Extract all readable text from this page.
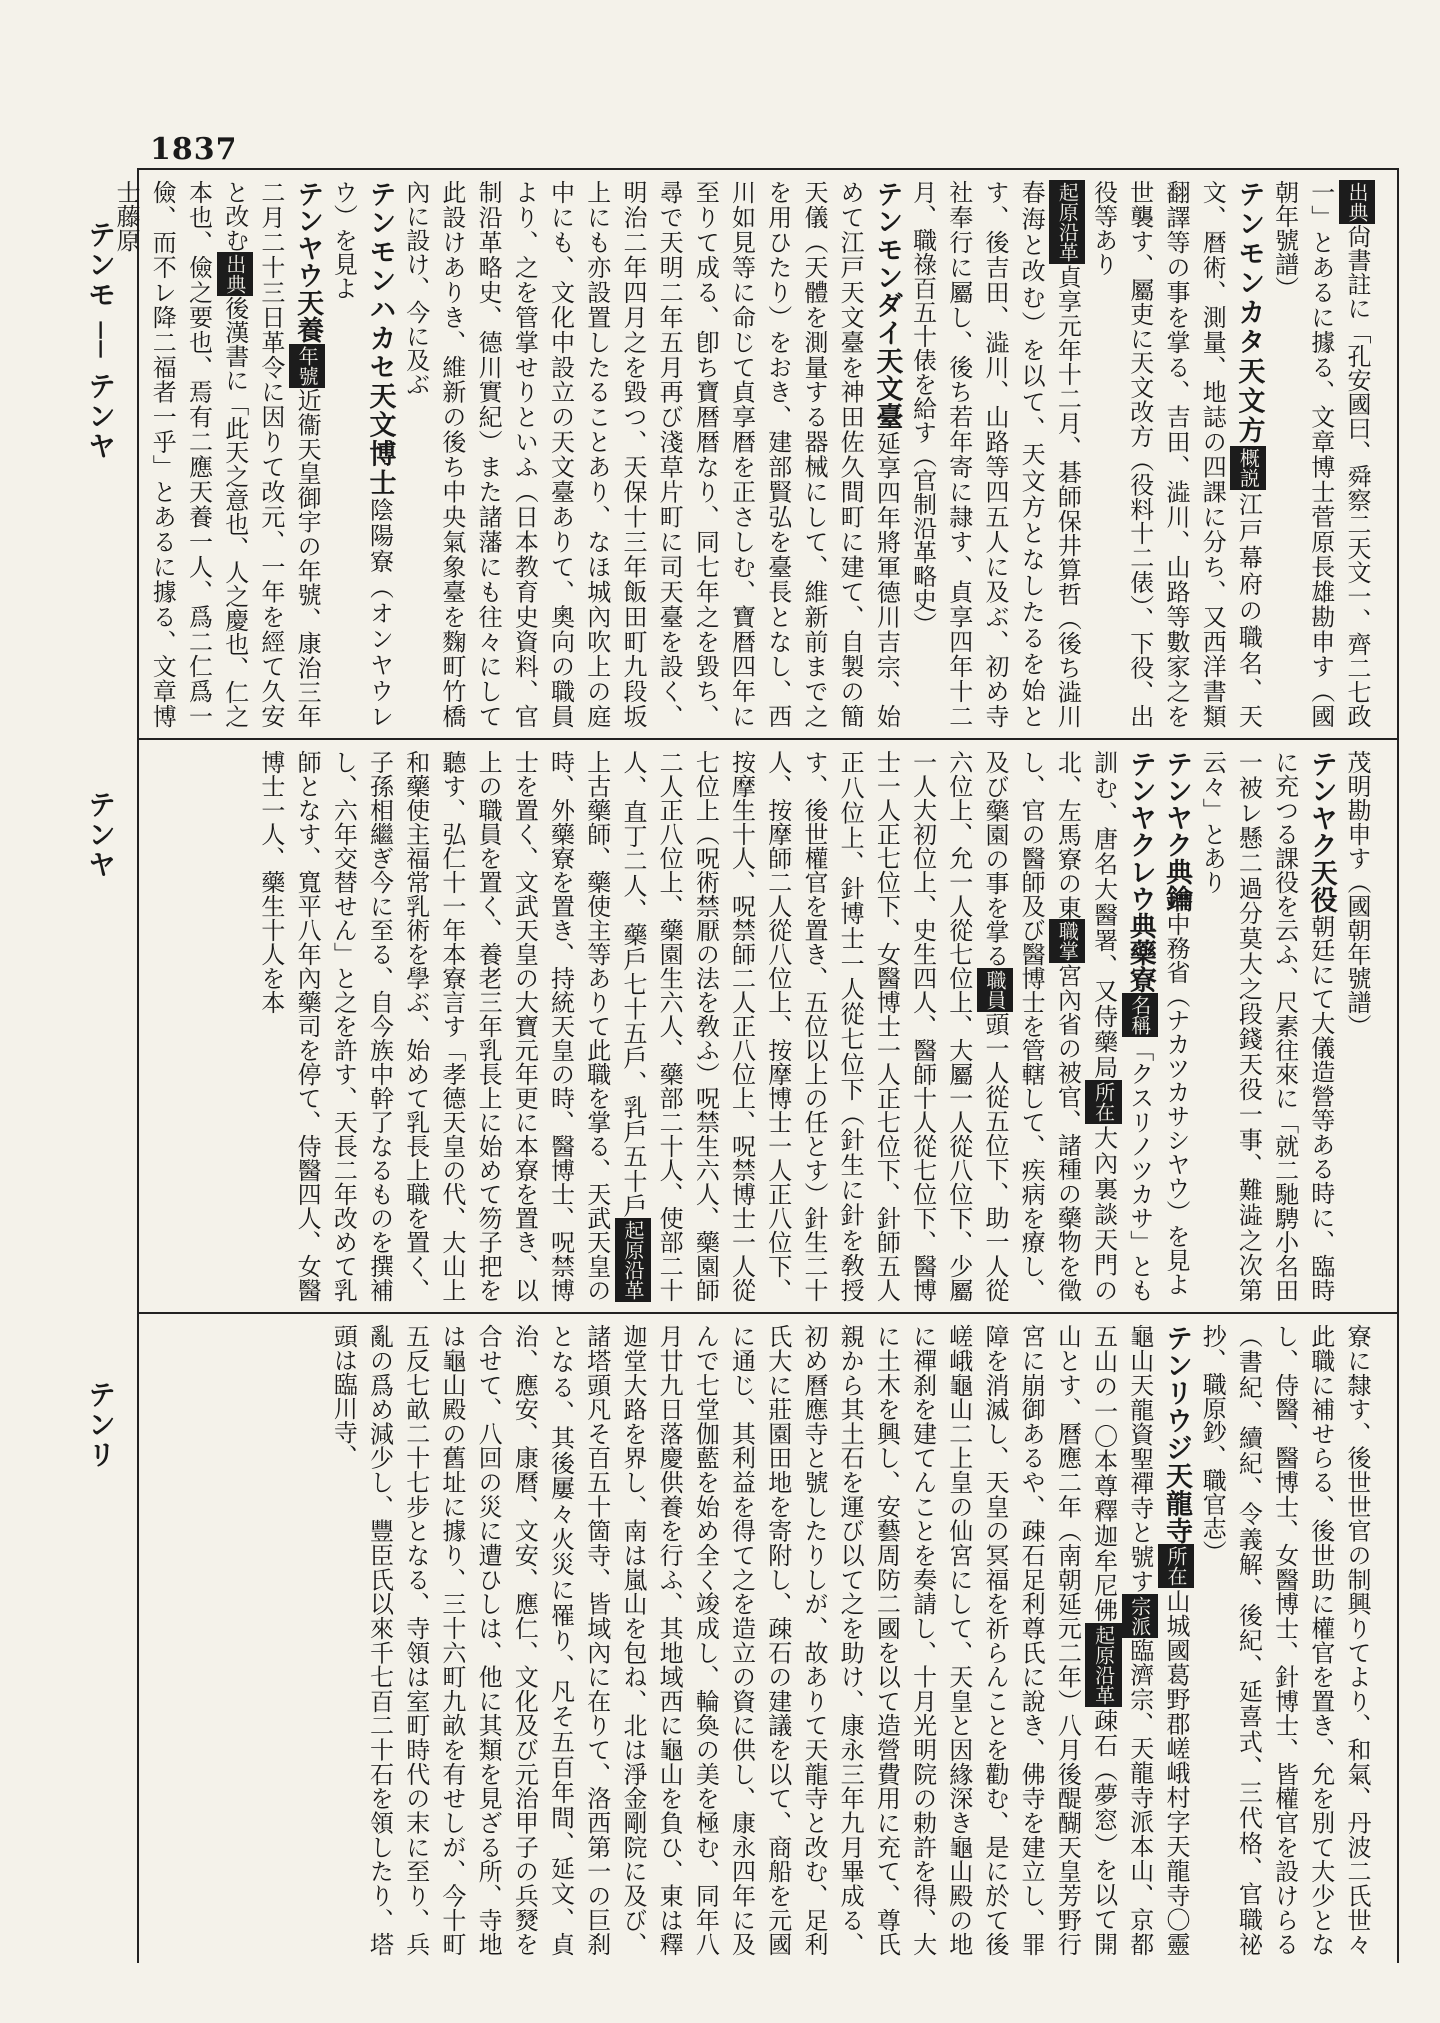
1837
テンモ ── テンヤ
テンヤ
テンリ

出典尙書註に「孔安國曰、舜察二天文一、齊二七政一」とあるに據る、文章博士菅原長雄勘申す（國朝年號譜）

テンモンカタ天文方概説江戸幕府の職名、天文、暦術、測量、地誌の四課に分ち、又西洋書類翻譯等の事を掌る、吉田、澁川、山路等數家之を世襲す、屬吏に天文改方（役料十二俵）、下役、出役等あり

起原沿革貞享元年十二月、碁師保井算哲（後ち澁川春海と改む）を以て、天文方となしたるを始とす、後吉田、澁川、山路等四五人に及ぶ、初め寺社奉行に屬し、後ち若年寄に隷す、貞享四年十二月、職祿百五十俵を給す（官制沿革略史）

テンモンダイ天文臺延享四年將軍德川吉宗、始めて江戸天文臺を神田佐久間町に建て、自製の簡天儀（天體を測量する器械にして、維新前まで之を用ひたり）をおき、建部賢弘を臺長となし、西川如見等に命じて貞享暦を正さしむ、寶暦四年に至りて成る、卽ち寶暦暦なり、同七年之を毀ち、尋で天明二年五月再び淺草片町に司天臺を設く、明治二年四月之を毀つ、天保十三年飯田町九段坂上にも亦設置したることあり、なほ城內吹上の庭中にも、文化中設立の天文臺ありて、奧向の職員より、之を管掌せりといふ（日本教育史資料、官制沿革略史、德川實紀）また諸藩にも往々にして此設けありき、維新の後ち中央氣象臺を麴町竹橋內に設け、今に及ぶ

テンモンハカセ天文博士陰陽寮（オンヤウレウ）を見よ

テンヤウ天養年號近衞天皇御宇の年號、康治三年二月二十三日革令に因りて改元、一年を經て久安と改む出典後漢書に「此天之意也、人之慶也、仁之本也、儉之要也、焉有二應天養一人、爲二仁爲一儉、而不レ降二福者一乎」とあるに據る、文章博士藤原

茂明勘申す（國朝年號譜）

テンヤク天役朝廷にて大儀造營等ある時に、臨時に充つる課役を云ふ、尺素往來に「就二馳騁小名田一被レ懸二過分莫大之段錢天役一事、難澁之次第云々」とあり

テンヤク典鑰中務省（ナカツカサシヤウ）を見よ

テンヤクレウ典藥寮名稱「クスリノツカサ」とも訓む、唐名大醫署、又侍藥局所在大內裏談天門の北、左馬寮の東職掌宮內省の被官、諸種の藥物を徵し、官の醫師及び醫博士を管轄して、疾病を療し、及び藥園の事を掌る職員頭一人從五位下、助一人從六位上、允一人從七位上、大屬一人從八位下、少屬一人大初位上、史生四人、醫師十人從七位下、醫博士一人正七位下、女醫博士一人正七位下、針師五人正八位上、針博士一人從七位下（針生に針を敎授す、後世權官を置き、五位以上の任とす）針生二十人、按摩師二人從八位上、按摩博士一人正八位下、按摩生十人、呪禁師二人正八位上、呪禁博士一人從七位上（呪術禁厭の法を敎ふ）呪禁生六人、藥園師二人正八位上、藥園生六人、藥部二十人、使部二十人、直丁二人、藥戶七十五戶、乳戶五十戶起原沿革上古藥師、藥使主等ありて此職を掌る、天武天皇の時、外藥寮を置き、持統天皇の時、醫博士、呪禁博士を置く、文武天皇の大寶元年更に本寮を置き、以上の職員を置く、養老三年乳長上に始めて笏子把を聽す、弘仁十一年本寮言す「孝德天皇の代、大山上和藥使主福常乳術を學ぶ、始めて乳長上職を置く、子孫相繼ぎ今に至る、自今族中幹了なるものを撰補し、六年交替せん」と之を許す、天長二年改めて乳師となす、寬平八年內藥司を停て、侍醫四人、女醫博士一人、藥生十人を本

寮に隸す、後世世官の制興りてより、和氣、丹波二氏世々此職に補せらる、後世助に權官を置き、允を別て大少となし、侍醫、醫博士、女醫博士、針博士、皆權官を設けらる（書紀、續紀、令義解、後紀、延喜式、三代格、官職祕抄、職原鈔、職官志）

テンリウジ天龍寺所在山城國葛野郡嵯峨村字天龍寺〇靈龜山天龍資聖禪寺と號す宗派臨濟宗、天龍寺派本山、京都五山の一〇本尊釋迦牟尼佛起原沿革疎石（夢窓）を以て開山とす、曆應二年（南朝延元二年）八月後醍醐天皇芳野行宮に崩御あるや、疎石足利尊氏に說き、佛寺を建立し、罪障を消滅し、天皇の冥福を祈らんことを勸む、是に於て後嵯峨龜山二上皇の仙宮にして、天皇と因緣深き龜山殿の地に禪刹を建てんことを奏請し、十月光明院の勅許を得、大に土木を興し、安藝周防二國を以て造營費用に充て、尊氏親から其土石を運び以て之を助け、康永三年九月畢成る、初め曆應寺と號したりしが、故ありて天龍寺と改む、足利氏大に莊園田地を寄附し、疎石の建議を以て、商船を元國に通じ、其利益を得て之を造立の資に供し、康永四年に及んで七堂伽藍を始め全く竣成し、輪奐の美を極む、同年八月廿九日落慶供養を行ふ、其地域西に龜山を負ひ、東は釋迦堂大路を界し、南は嵐山を包ね、北は淨金剛院に及び、諸塔頭凡そ百五十箇寺、皆域內に在りて、洛西第一の巨刹となる、其後屢々火災に罹り、凡そ五百年間、延文、貞治、應安、康曆、文安、應仁、文化及び元治甲子の兵燹を合せて、八回の災に遭ひしは、他に其類を見ざる所、寺地は龜山殿の舊址に據り、三十六町九畝を有せしが、今十町五反七畝二十七步となる、寺領は室町時代の末に至り、兵亂の爲め減少し、豐臣氏以來千七百二十石を領したり、塔頭は臨川寺、
